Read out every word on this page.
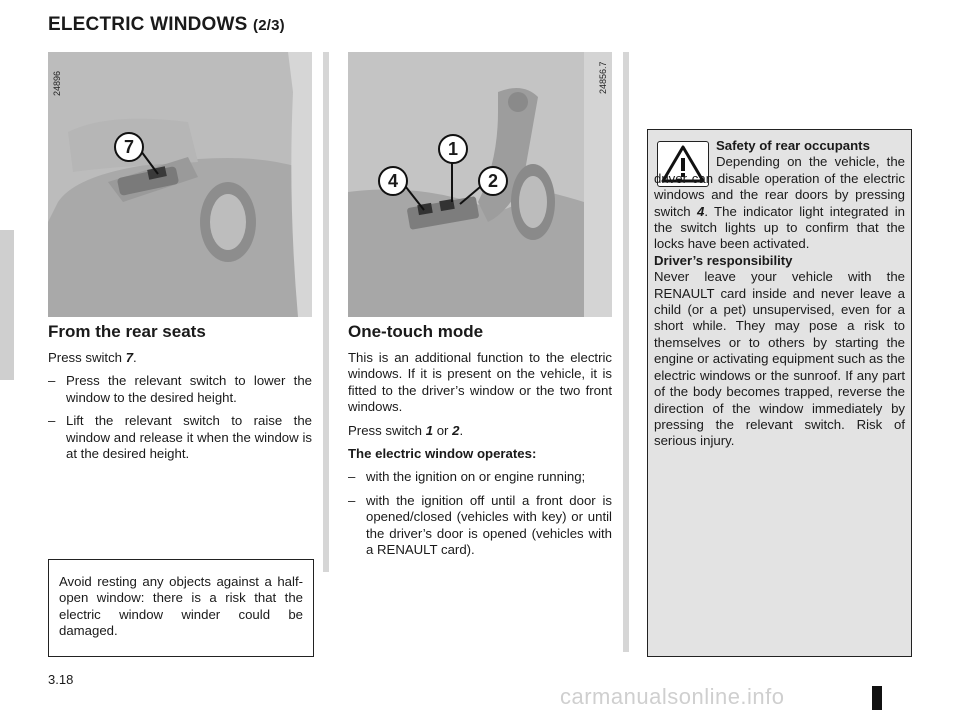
ELECTRIC WINDOWS (2/3)
24896
7
24856.7
1
4	2
From the rear seats

Press switch 7.

– Press the relevant switch to lower the window to the desired height.
– Lift the relevant switch to raise the window and release it when the window is at the desired height.
Avoid resting any objects against a half-open window: there is a risk that the electric window winder could be damaged.
One-touch mode

This is an additional function to the electric windows. If it is present on the vehicle, it is fitted to the driver’s window or the two front windows.

Press switch 1 or 2.

The electric window operates:

– with the ignition on or engine running;
– with the ignition off until a front door is opened/closed (vehicles with key) or until the driver’s door is opened (vehicles with a RENAULT card).
Safety of rear occupants
Depending on the vehicle, the driver can disable operation of the electric windows and the rear doors by pressing switch 4. The indicator light integrated in the switch lights up to confirm that the locks have been activated.
Driver’s responsibility
Never leave your vehicle with the RENAULT card inside and never leave a child (or a pet) unsupervised, even for a short while. They may pose a risk to themselves or to others by starting the engine or activating equipment such as the electric windows or the sunroof. If any part of the body becomes trapped, reverse the direction of the window immediately by pressing the relevant switch. Risk of serious injury.
3.18
carmanualsonline.info
